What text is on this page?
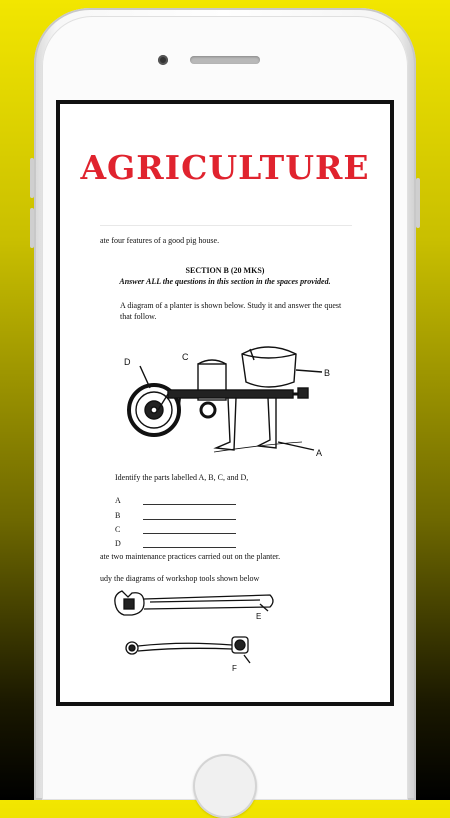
AGRICULTURE
ate four features of a good pig house.
SECTION B (20 MKS)
Answer ALL the questions in this section in the spaces provided.
A diagram of a planter is shown below. Study it and answer the quest
that follow.
D	C
B
A
Identify the parts labelled A, B, C, and D,
A
B
C
D
ate two maintenance practices carried out on the planter.
udy the diagrams of workshop tools shown below
E
F
